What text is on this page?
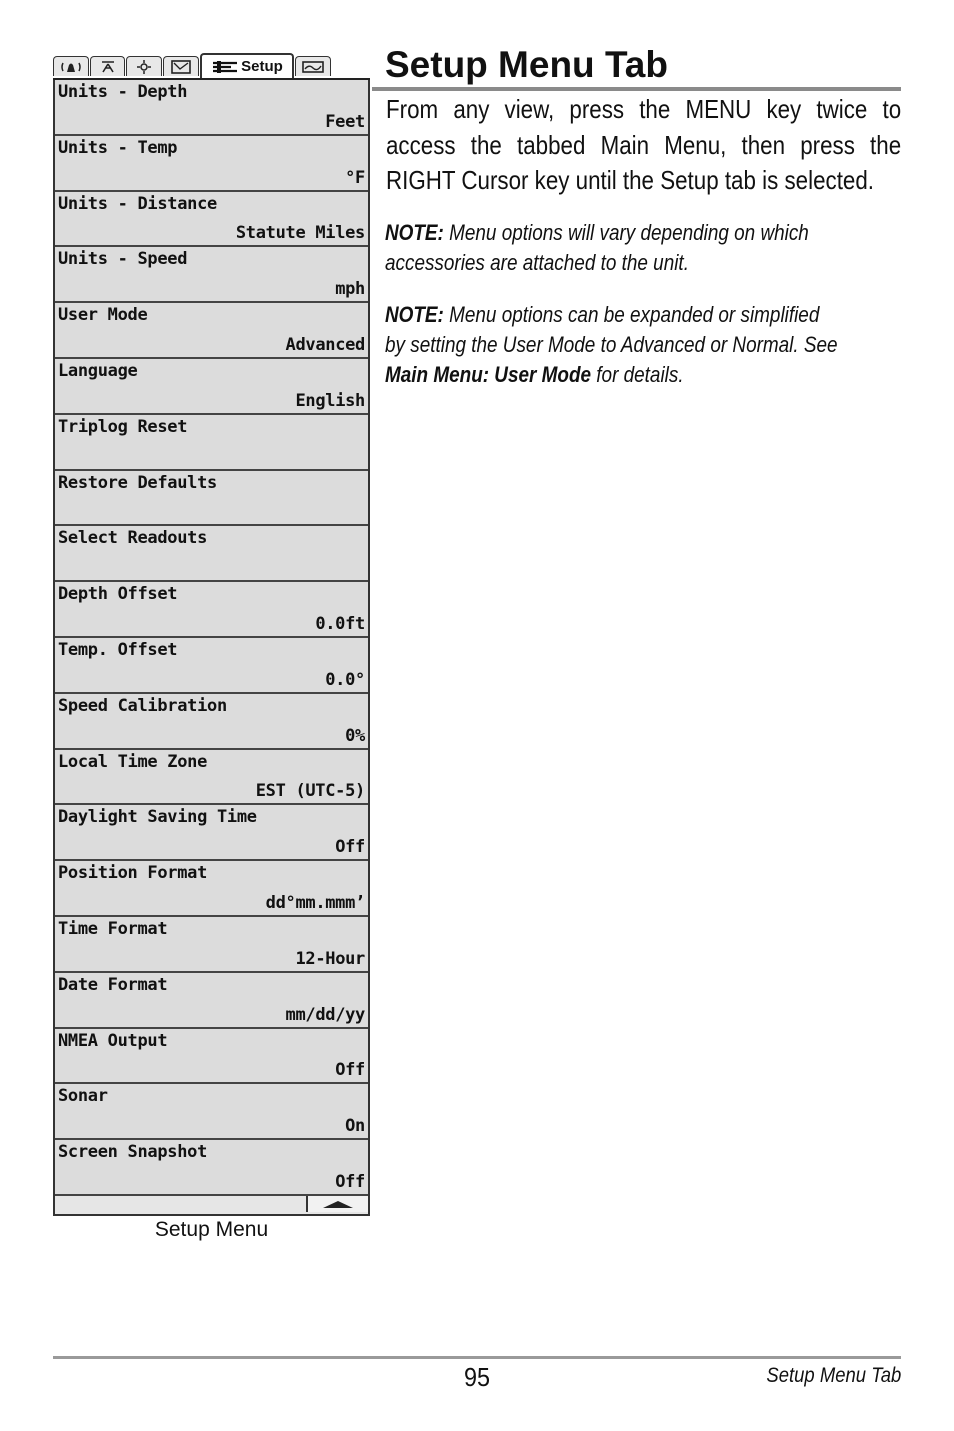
Setup
Units - Depth
Feet
Units - Temp
°F
Units - Distance
Statute Miles
Units - Speed
mph
User Mode
Advanced
Language
English
Triplog Reset
Restore Defaults
Select Readouts
Depth Offset
0.0ft
Temp. Offset
0.0°
Speed Calibration
0%
Local Time Zone
EST (UTC-5)
Daylight Saving Time
Off
Position Format
dd°mm.mmm’
Time Format
12-Hour
Date Format
mm/dd/yy
NMEA Output
Off
Sonar
On
Screen Snapshot
Off
Setup Menu
Setup Menu Tab
From any view, press the MENU key twice to access the tabbed Main Menu, then press the RIGHT Cursor key until the Setup tab is selected.
NOTE: Menu options will vary depending on which accessories are attached to the unit.
NOTE: Menu options can be expanded or simplified by setting the User Mode to Advanced or Normal. See Main Menu: User Mode for details.
95	Setup Menu Tab
